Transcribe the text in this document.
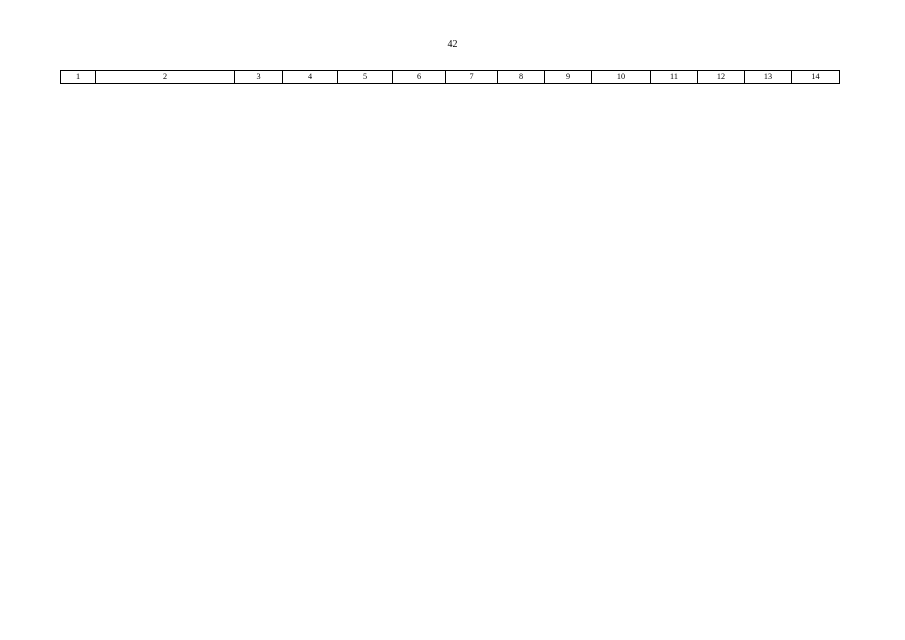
42
1	2	3	4	5	6	7	8	9	10	11	12	13	14
